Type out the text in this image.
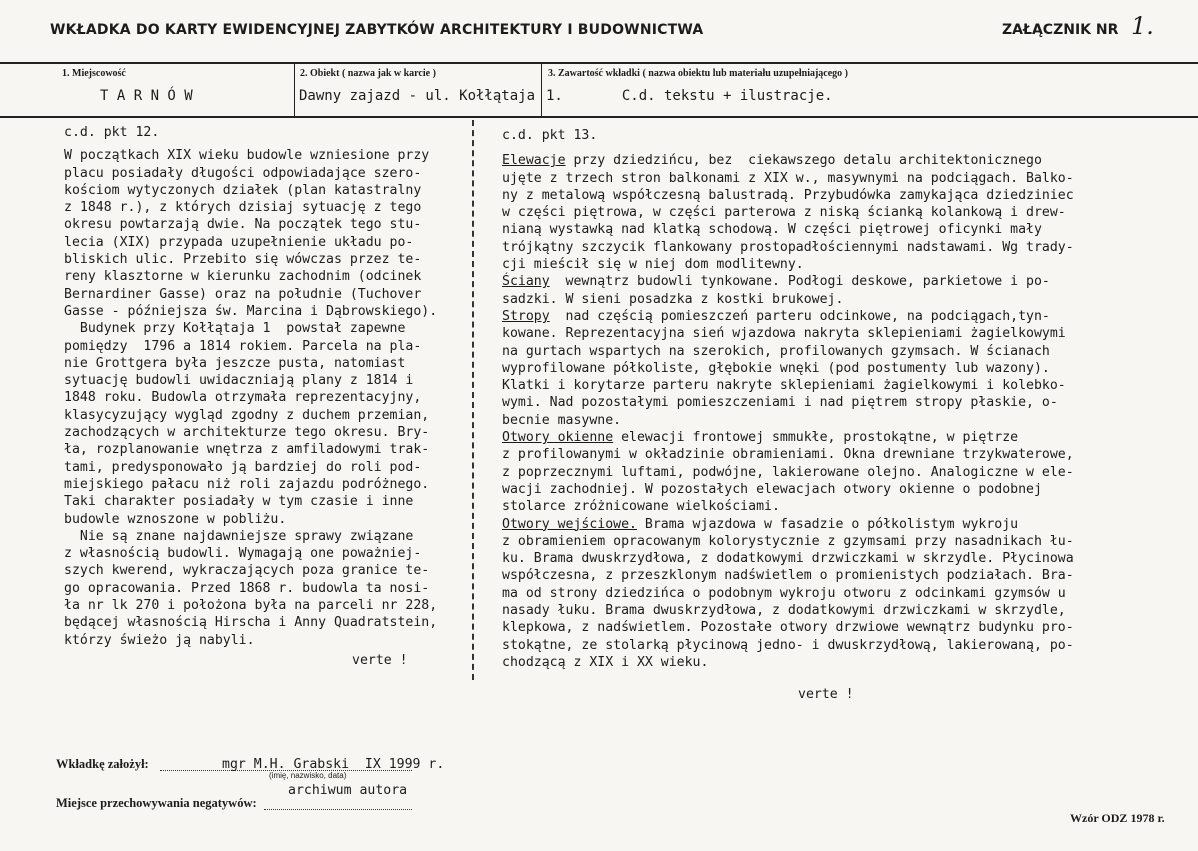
WKŁADKA DO KARTY EWIDENCYJNEJ ZABYTKÓW ARCHITEKTURY I BUDOWNICTWA	ZAŁĄCZNIK NR 1.
1. Miejscowość
T A R N Ó W
2. Obiekt ( nazwa jak w karcie )
Dawny zajazd - ul. Kołłątaja
3. Zawartość wkładki ( nazwa obiektu lub materiału uzupełniającego )
1.       C.d. tekstu + ilustracje.

c.d. pkt 12.

W początkach XIX wieku budowle wzniesione przy

placu posiadały długości odpowiadające szero-

kościom wytyczonych działek (plan katastralny

z 1848 r.), z których dzisiaj sytuację z tego

okresu powtarzają dwie. Na początek tego stu-

lecia (XIX) przypada uzupełnienie układu po-

bliskich ulic. Przebito się wówczas przez te-

reny klasztorne w kierunku zachodnim (odcinek

Bernardiner Gasse) oraz na południe (Tuchover

Gasse - późniejsza św. Marcina i Dąbrowskiego).

Budynek przy Kołłątaja 1  powstał zapewne

pomiędzy  1796 a 1814 rokiem. Parcela na pla-

nie Grottgera była jeszcze pusta, natomiast

sytuację budowli uwidaczniają plany z 1814 i

1848 roku. Budowla otrzymała reprezentacyjny,

klasycyzujący wygląd zgodny z duchem przemian,

zachodzących w architekturze tego okresu. Bry-

ła, rozplanowanie wnętrza z amfiladowymi trak-

tami, predysponowało ją bardziej do roli pod-

miejskiego pałacu niż roli zajazdu podróżnego.

Taki charakter posiadały w tym czasie i inne

budowle wznoszone w pobliżu.

Nie są znane najdawniejsze sprawy związane

z własnością budowli. Wymagają one poważniej-

szych kwerend, wykraczających poza granice te-

go opracowania. Przed 1868 r. budowla ta nosi-

ła nr lk 270 i położona była na parceli nr 228,

będącej własnością Hirscha i Anny Quadratstein,

którzy świeżo ją nabyli.

verte !

c.d. pkt 13.

Elewacje przy dziedzińcu, bez  ciekawszego detalu architektonicznego

ujęte z trzech stron balkonami z XIX w., masywnymi na podciągach. Balko-

ny z metalową współczesną balustradą. Przybudówka zamykająca dziedziniec

w części piętrowa, w części parterowa z niską ścianką kolankową i drew-

nianą wystawką nad klatką schodową. W części piętrowej oficynki mały

trójkątny szczycik flankowany prostopadłościennymi nadstawami. Wg trady-

cji mieścił się w niej dom modlitewny.

Ściany  wewnątrz budowli tynkowane. Podłogi deskowe, parkietowe i po-

sadzki. W sieni posadzka z kostki brukowej.

Stropy  nad częścią pomieszczeń parteru odcinkowe, na podciągach,tyn-

kowane. Reprezentacyjna sień wjazdowa nakryta sklepieniami żagielkowymi

na gurtach wspartych na szerokich, profilowanych gzymsach. W ścianach

wyprofilowane półkoliste, głębokie wnęki (pod postumenty lub wazony).

Klatki i korytarze parteru nakryte sklepieniami żagielkowymi i kolebko-

wymi. Nad pozostałymi pomieszczeniami i nad piętrem stropy płaskie, o-

becnie masywne.

Otwory okienne elewacji frontowej smmukłe, prostokątne, w piętrze

z profilowanymi w okładzinie obramieniami. Okna drewniane trzykwaterowe,

z poprzecznymi luftami, podwójne, lakierowane olejno. Analogiczne w ele-

wacji zachodniej. W pozostałych elewacjach otwory okienne o podobnej

stolarce zróżnicowane wielkościami.

Otwory wejściowe. Brama wjazdowa w fasadzie o półkolistym wykroju

z obramieniem opracowanym kolorystycznie z gzymsami przy nasadnikach łu-

ku. Brama dwuskrzydłowa, z dodatkowymi drzwiczkami w skrzydle. Płycinowa

współczesna, z przeszklonym nadświetlem o promienistych podziałach. Bra-

ma od strony dziedzińca o podobnym wykroju otworu z odcinkami gzymsów u

nasady łuku. Brama dwuskrzydłowa, z dodatkowymi drzwiczkami w skrzydle,

klepkowa, z nadświetlem. Pozostałe otwory drzwiowe wewnątrz budynku pro-

stokątne, ze stolarką płycinową jedno- i dwuskrzydłową, lakierowaną, po-

chodzącą z XIX i XX wieku.

verte !
Wkładkę założył:	mgr M.H. Grabski  IX 1999 r.
(imię, nazwisko, data)
Miejsce przechowywania negatywów:
archiwum autora
Wzór ODZ 1978 r.
